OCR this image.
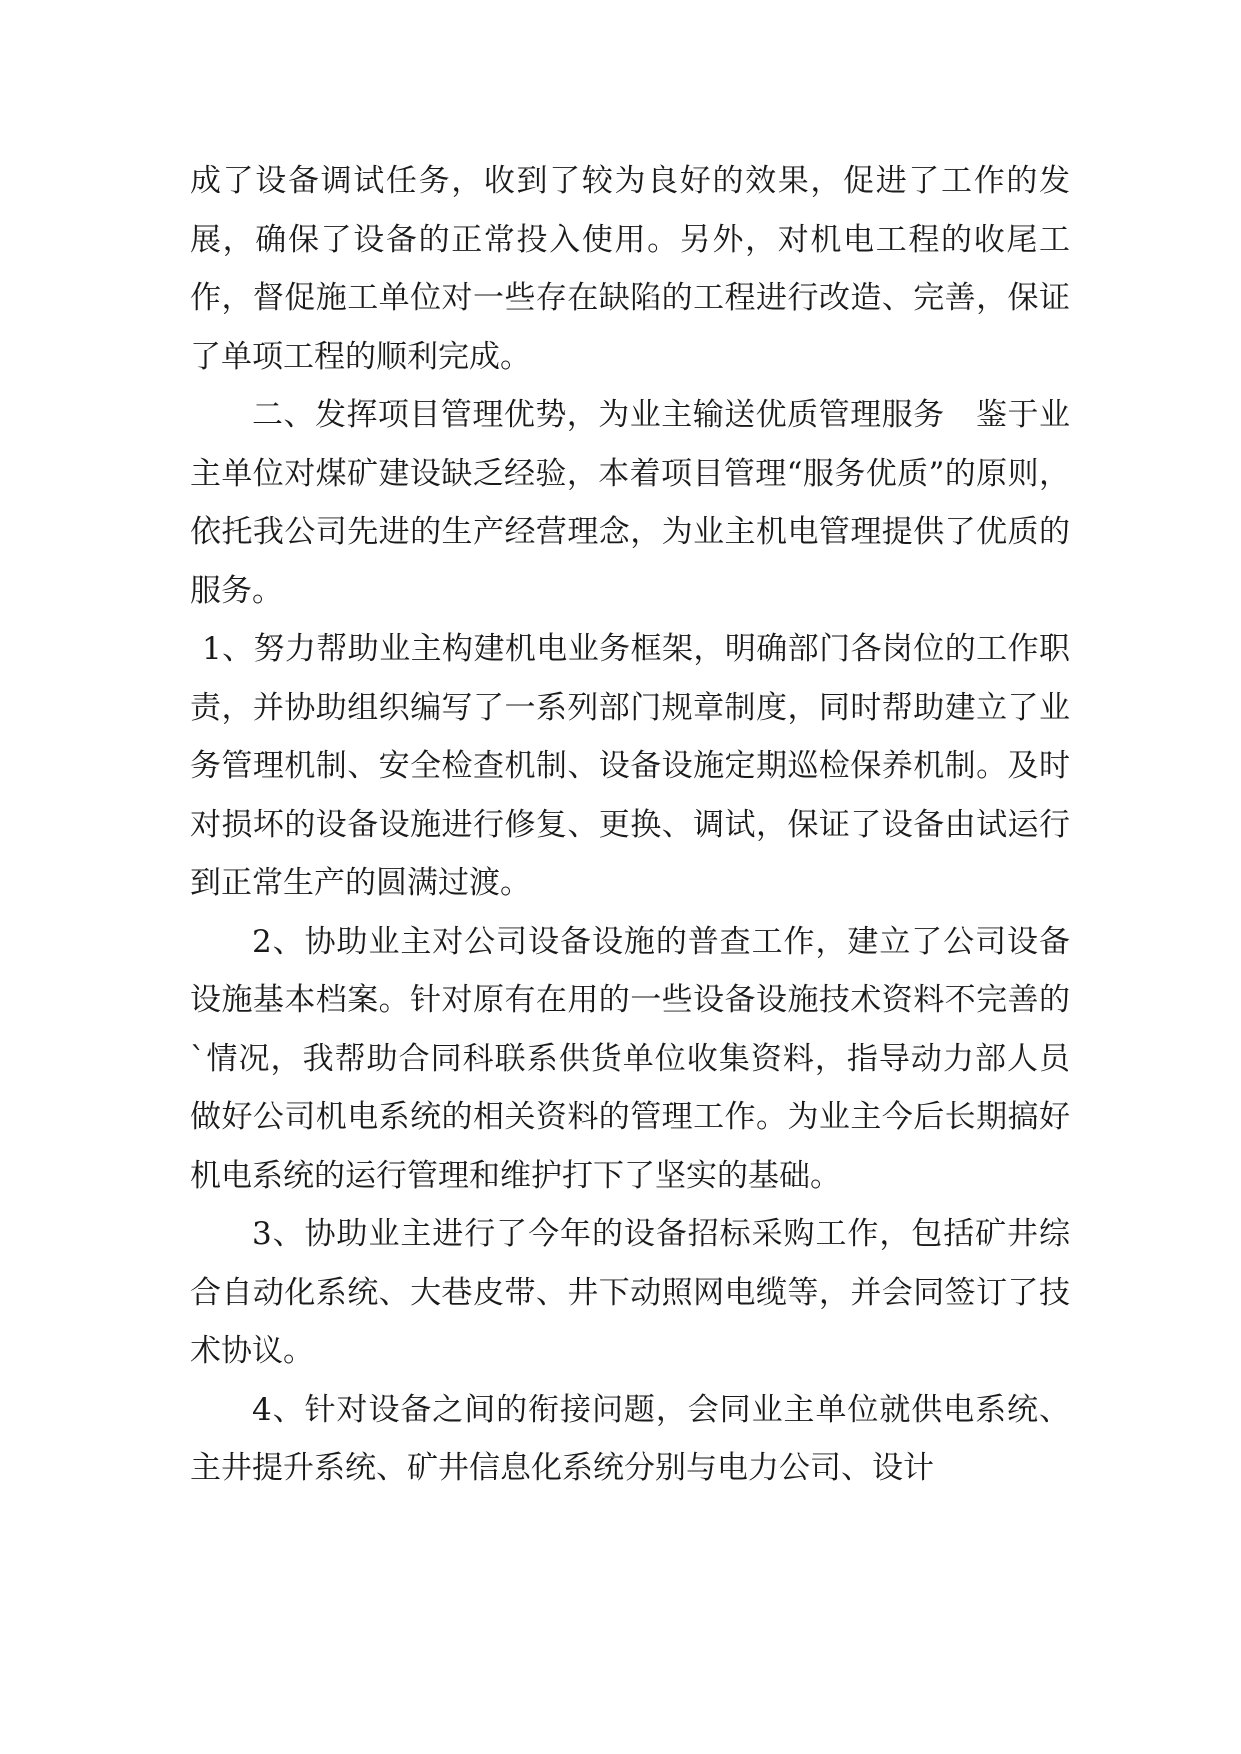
成了设备调试任务，收到了较为良好的效果，促进了工作的发展，确保了设备的正常投入使用。另外，对机电工程的收尾工作，督促施工单位对一些存在缺陷的工程进行改造、完善，保证了单项工程的顺利完成。

二、发挥项目管理优势，为业主输送优质管理服务　鉴于业主单位对煤矿建设缺乏经验，本着项目管理“服务优质”的原则，依托我公司先进的生产经营理念，为业主机电管理提供了优质的服务。

1、努力帮助业主构建机电业务框架，明确部门各岗位的工作职责，并协助组织编写了一系列部门规章制度，同时帮助建立了业务管理机制、安全检查机制、设备设施定期巡检保养机制。及时对损坏的设备设施进行修复、更换、调试，保证了设备由试运行到正常生产的圆满过渡。

2、协助业主对公司设备设施的普查工作，建立了公司设备设施基本档案。针对原有在用的一些设备设施技术资料不完善的`情况，我帮助合同科联系供货单位收集资料，指导动力部人员做好公司机电系统的相关资料的管理工作。为业主今后长期搞好机电系统的运行管理和维护打下了坚实的基础。

3、协助业主进行了今年的设备招标采购工作，包括矿井综合自动化系统、大巷皮带、井下动照网电缆等，并会同签订了技术协议。

4、针对设备之间的衔接问题，会同业主单位就供电系统、主井提升系统、矿井信息化系统分别与电力公司、设计
